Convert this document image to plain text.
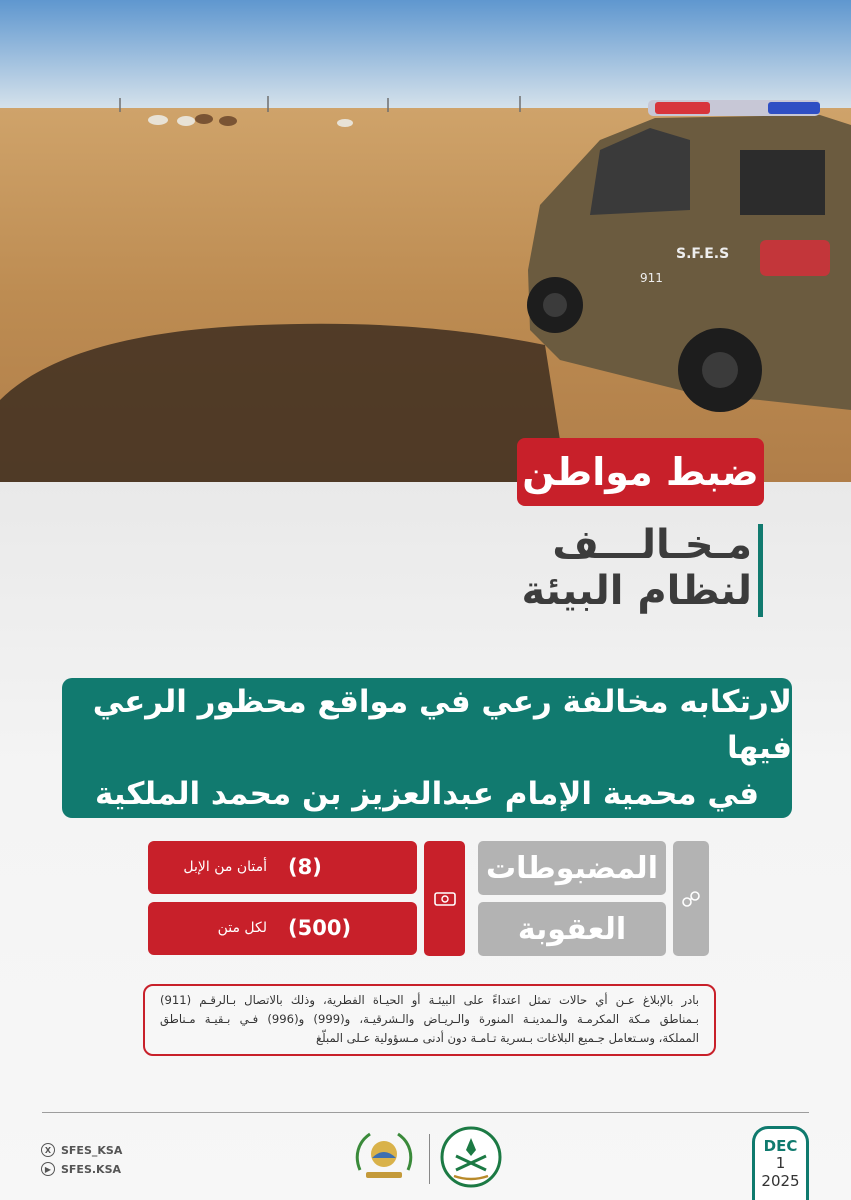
S.F.E.S
911
ضبط مواطن
مـخـالـــف
لنظام البيئة
لارتكابه مخالفة رعي في مواقع محظور الرعي فيها
في محمية الإمام عبدالعزيز بن محمد الملكية
المضبوطات
العقوبة
أمتان من الإبل (8)
لكل متن (500)
بادر بالإبلاغ عـن أي حالات تمثل اعتداءً على البيئـة أو الحيـاة الفطرية، وذلك بالاتصال بـالرقـم (911)
بـمناطق مـكة المكرمـة والـمدينـة المنورة والـريـاض والـشرقيـة، و(999) و(996) فـي بـقيـة مـناطق
المملكة، وسـتعامل جـميع البلاغات بـسرية تـامـة دون أدنى مـسؤولية عـلى المبلّغ
X SFES_KSA
▶ SFES.KSA
DEC
1
2025
